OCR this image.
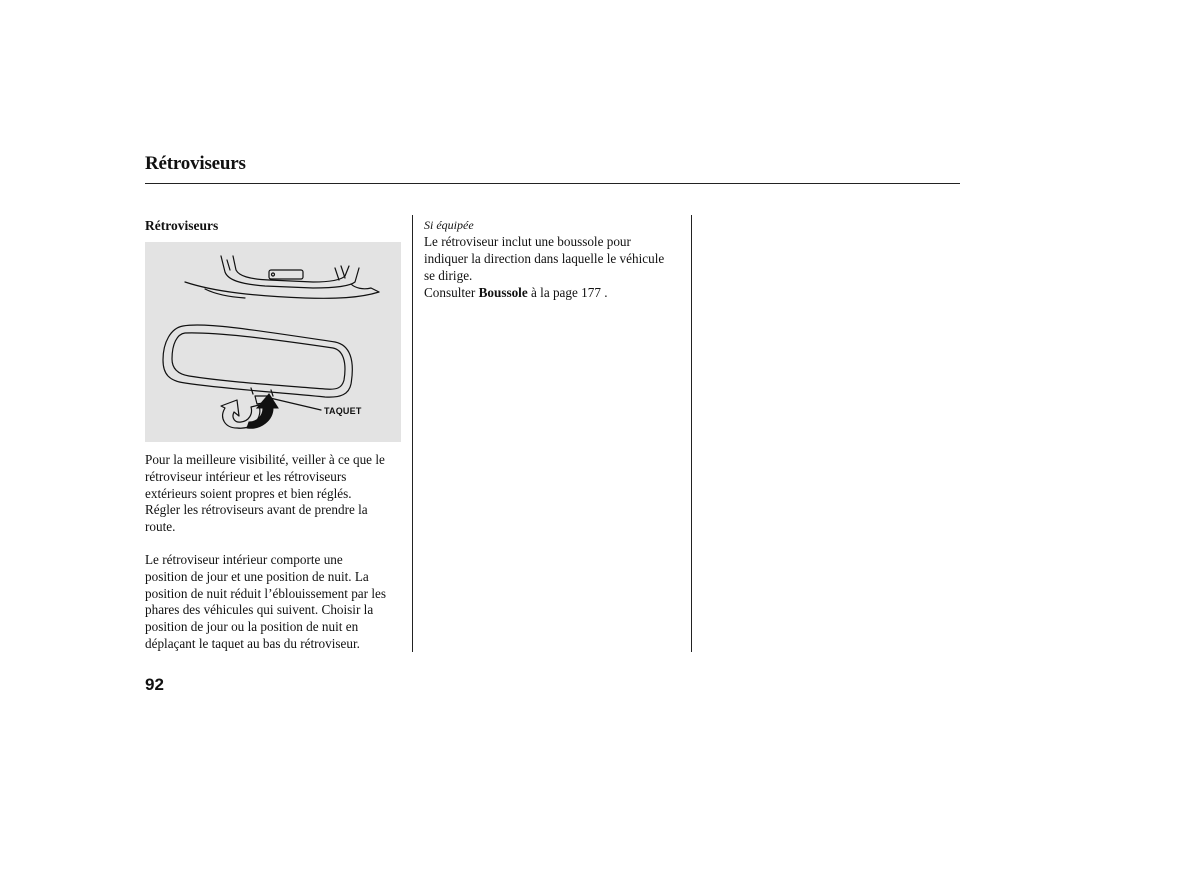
Rétroviseurs
Rétroviseurs
TAQUET

Pour la meilleure visibilité, veiller à ce que le
rétroviseur intérieur et les rétroviseurs
extérieurs soient propres et bien réglés.
Régler les rétroviseurs avant de prendre la
route.

Le rétroviseur intérieur comporte une
position de jour et une position de nuit. La
position de nuit réduit l’éblouissement par les
phares des véhicules qui suivent. Choisir la
position de jour ou la position de nuit en
déplaçant le taquet au bas du rétroviseur.

Si équipée

Le rétroviseur inclut une boussole pour
indiquer la direction dans laquelle le véhicule
se dirige.

Consulter Boussole à la page 177 .
92
